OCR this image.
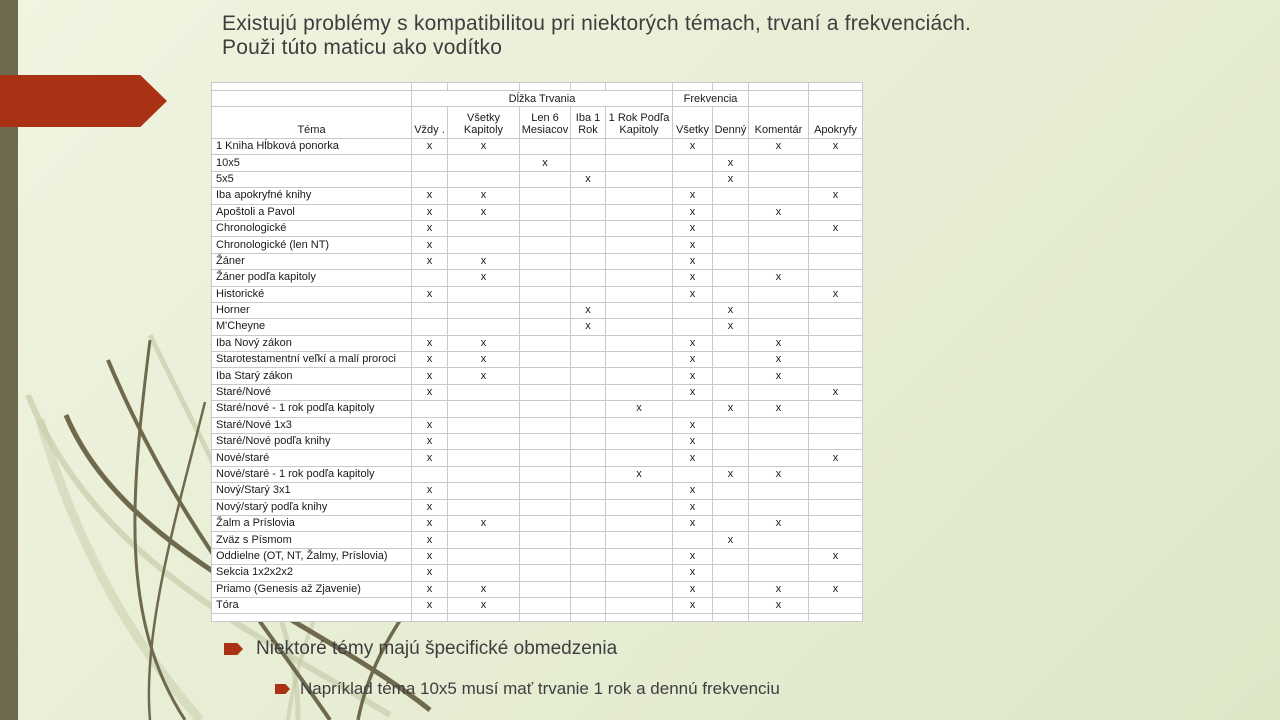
Existujú problémy s kompatibilitou pri niektorých témach, trvaní a frekvenciách.
Použi túto maticu ako vodítko

	Dĺžka Trvania					Frekvencia			
Téma	Vždy .	Všetky Kapitoly	Len 6 Mesiacov	Iba 1 Rok	1 Rok Podľa Kapitoly	Všetky	Denný	Komentár	Apokryfy
1 Kniha Hĺbková ponorka	x	x				x		x	x
10x5			x				x		
5x5				x			x		
Iba apokryfné knihy	x	x				x			x
Apoštoli a Pavol	x	x				x		x	
Chronologické	x					x			x
Chronologické (len NT)	x					x			
Žáner	x	x				x			
Žáner podľa kapitoly		x				x		x	
Historické	x					x			x
Horner				x			x		
M'Cheyne				x			x		
Iba Nový zákon	x	x				x		x	
Starotestamentní veľkí a malí proroci	x	x				x		x	
Iba Starý zákon	x	x				x		x	
Staré/Nové	x					x			x
Staré/nové - 1 rok podľa kapitoly					x		x	x	
Staré/Nové 1x3	x					x			
Staré/Nové podľa knihy	x					x			
Nové/staré	x					x			x
Nové/staré - 1 rok podľa kapitoly					x		x	x	
Nový/Starý 3x1	x					x			
Nový/starý podľa knihy	x					x			
Žalm a Príslovia	x	x				x		x	
Zväz s Písmom	x						x		
Oddielne (OT, NT, Žalmy, Príslovia)	x					x			x
Sekcia 1x2x2x2	x					x			
Priamo (Genesis až Zjavenie)	x	x				x		x	x
Tóra	x	x				x		x	

Niektoré témy majú špecifické obmedzenia
Napríklad téma 10x5 musí mať trvanie 1 rok a dennú frekvenciu
